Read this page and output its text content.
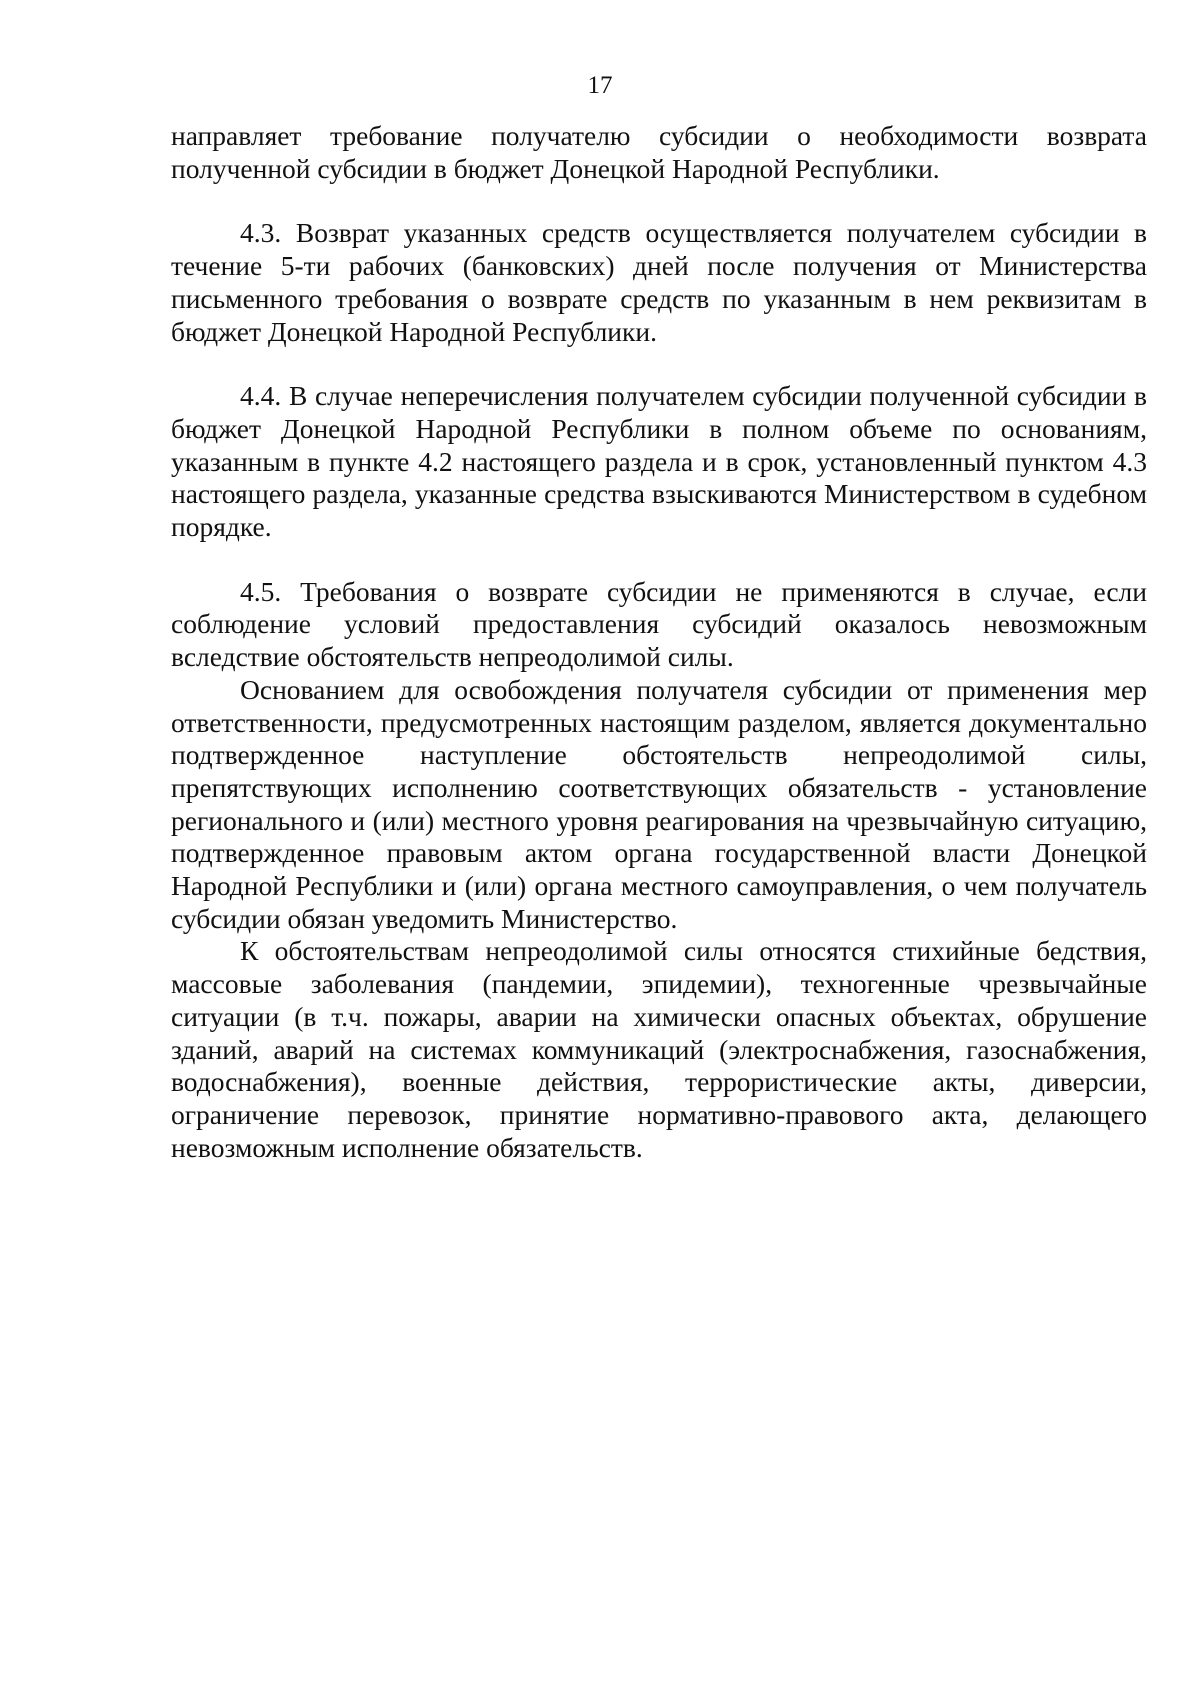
17

направляет требование получателю субсидии о необходимости возврата полученной субсидии в бюджет Донецкой Народной Республики.

4.3. Возврат указанных средств осуществляется получателем субсидии в течение 5-ти рабочих (банковских) дней после получения от Министерства письменного требования о возврате средств по указанным в нем реквизитам в бюджет Донецкой Народной Республики.

4.4. В случае неперечисления получателем субсидии полученной субсидии в бюджет Донецкой Народной Республики в полном объеме по основаниям, указанным в пункте 4.2 настоящего раздела и в срок, установленный пунктом 4.3 настоящего раздела, указанные средства взыскиваются Министерством в судебном порядке.

4.5. Требования о возврате субсидии не применяются в случае, если соблюдение условий предоставления субсидий оказалось невозможным вследствие обстоятельств непреодолимой силы.

Основанием для освобождения получателя субсидии от применения мер ответственности, предусмотренных настоящим разделом, является документально подтвержденное наступление обстоятельств непреодолимой силы, препятствующих исполнению соответствующих обязательств - установление регионального и (или) местного уровня реагирования на чрезвычайную ситуацию, подтвержденное правовым актом органа государственной власти Донецкой Народной Республики и (или) органа местного самоуправления, о чем получатель субсидии обязан уведомить Министерство.

К обстоятельствам непреодолимой силы относятся стихийные бедствия, массовые заболевания (пандемии, эпидемии), техногенные чрезвычайные ситуации (в т.ч. пожары, аварии на химически опасных объектах, обрушение зданий, аварий на системах коммуникаций (электроснабжения, газоснабжения, водоснабжения), военные действия, террористические акты, диверсии, ограничение перевозок, принятие нормативно-правового акта, делающего невозможным исполнение обязательств.
